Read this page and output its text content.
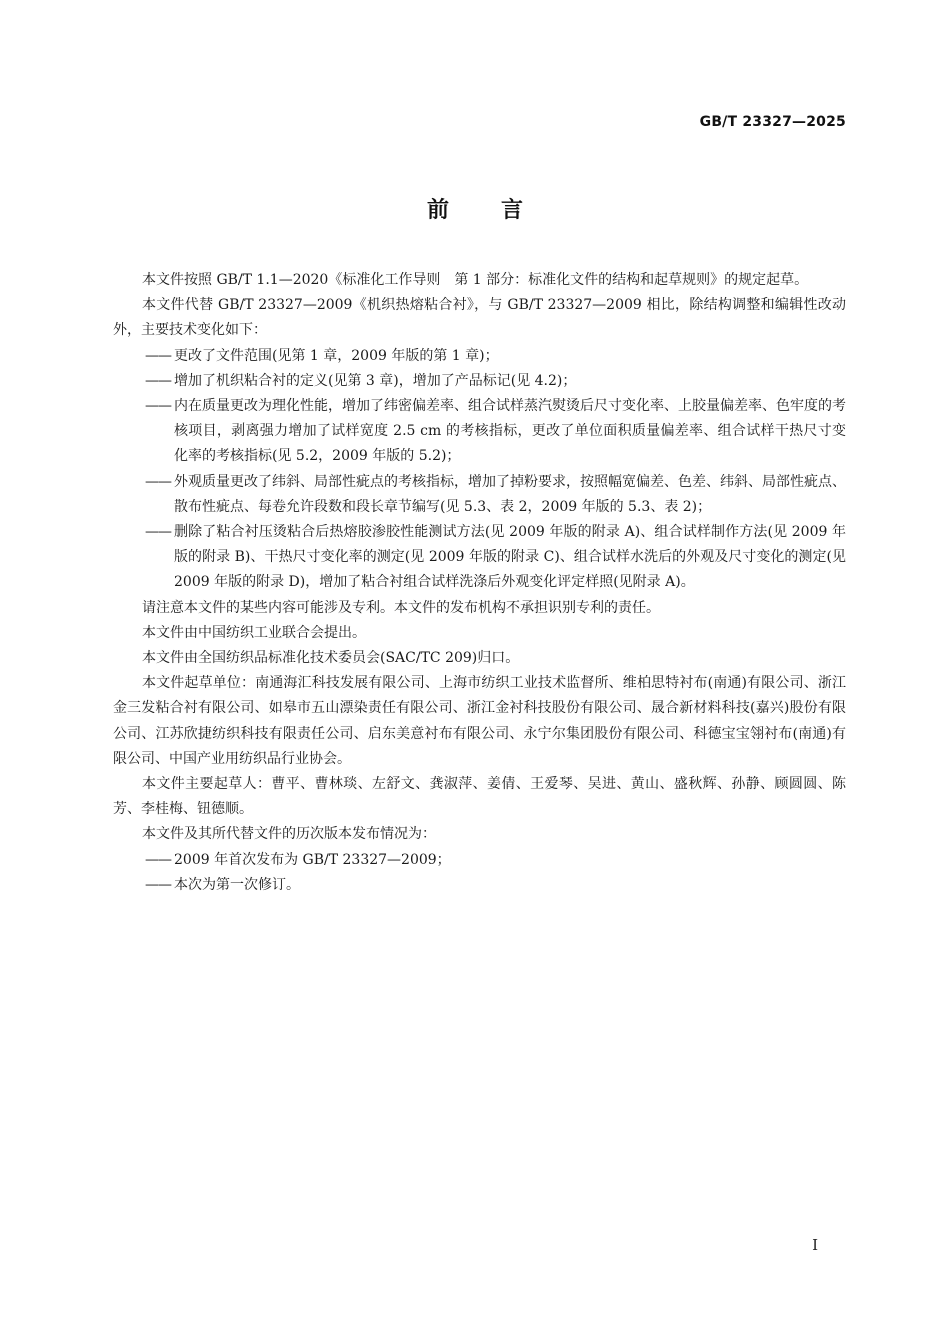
GB/T 23327—2025
前言

本文件按照 GB/T 1.1—2020《标准化工作导则　第 1 部分：标准化文件的结构和起草规则》的规定起草。

本文件代替 GB/T 23327—2009《机织热熔粘合衬》，与 GB/T 23327—2009 相比，除结构调整和编辑性改动外，主要技术变化如下：

—— 更改了文件范围(见第 1 章，2009 年版的第 1 章)；
—— 增加了机织粘合衬的定义(见第 3 章)，增加了产品标记(见 4.2)；
—— 内在质量更改为理化性能，增加了纬密偏差率、组合试样蒸汽熨烫后尺寸变化率、上胶量偏差率、色牢度的考核项目，剥离强力增加了试样宽度 2.5 cm 的考核指标，更改了单位面积质量偏差率、组合试样干热尺寸变化率的考核指标(见 5.2，2009 年版的 5.2)；
—— 外观质量更改了纬斜、局部性疵点的考核指标，增加了掉粉要求，按照幅宽偏差、色差、纬斜、局部性疵点、散布性疵点、每卷允许段数和段长章节编写(见 5.3、表 2，2009 年版的 5.3、表 2)；
—— 删除了粘合衬压烫粘合后热熔胶渗胶性能测试方法(见 2009 年版的附录 A)、组合试样制作方法(见 2009 年版的附录 B)、干热尺寸变化率的测定(见 2009 年版的附录 C)、组合试样水洗后的外观及尺寸变化的测定(见 2009 年版的附录 D)，增加了粘合衬组合试样洗涤后外观变化评定样照(见附录 A)。

请注意本文件的某些内容可能涉及专利。本文件的发布机构不承担识别专利的责任。

本文件由中国纺织工业联合会提出。

本文件由全国纺织品标准化技术委员会(SAC/TC 209)归口。

本文件起草单位：南通海汇科技发展有限公司、上海市纺织工业技术监督所、维柏思特衬布(南通)有限公司、浙江金三发粘合衬有限公司、如皋市五山漂染责任有限公司、浙江金衬科技股份有限公司、晟合新材料科技(嘉兴)股份有限公司、江苏欣捷纺织科技有限责任公司、启东美意衬布有限公司、永宁尔集团股份有限公司、科德宝宝翎衬布(南通)有限公司、中国产业用纺织品行业协会。

本文件主要起草人：曹平、曹林琰、左舒文、龚淑萍、姜倩、王爱琴、吴进、黄山、盛秋辉、孙静、顾圆圆、陈芳、李桂梅、钮德顺。

本文件及其所代替文件的历次版本发布情况为：

—— 2009 年首次发布为 GB/T 23327—2009；
—— 本次为第一次修订。
I
